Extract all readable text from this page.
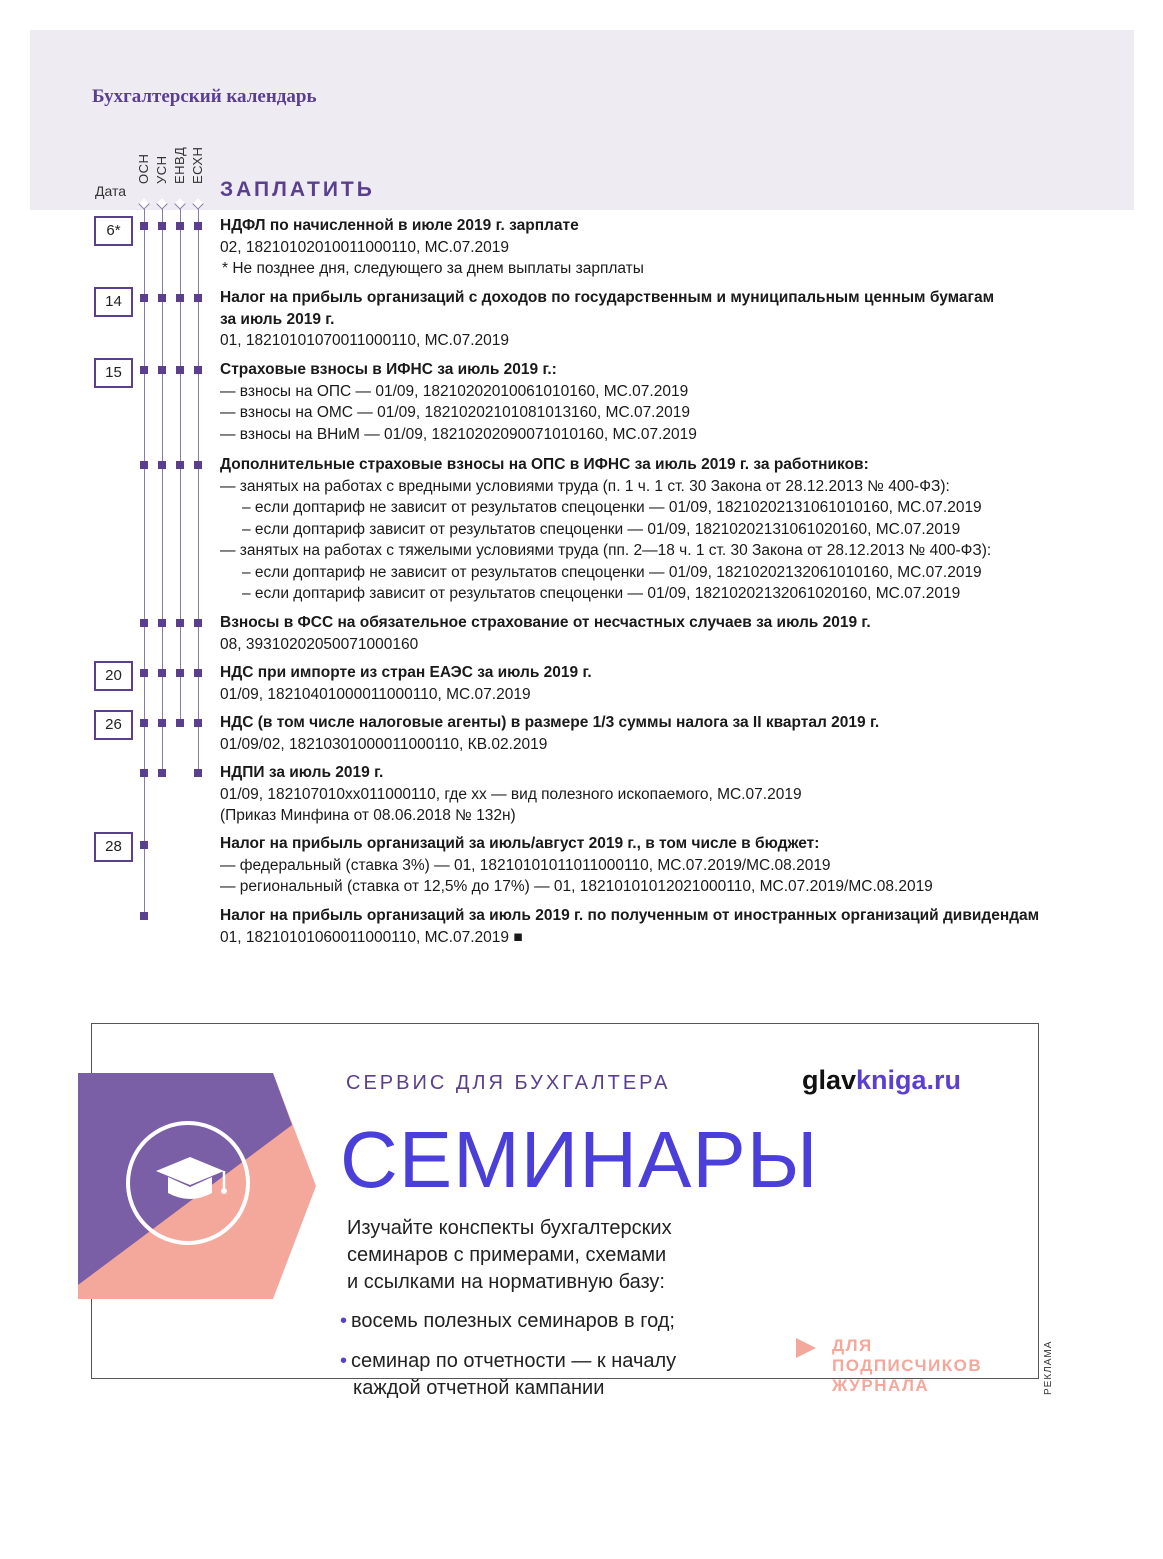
Бухгалтерский календарь
Дата
ОСН УСН ЕНВД ЕСХН
ЗАПЛАТИТЬ
6*
14
15
20
26
28
НДФЛ по начисленной в июле 2019 г. зарплате
02, 18210102010011000110, МС.07.2019
* Не позднее дня, следующего за днем выплаты зарплаты
Налог на прибыль организаций с доходов по государственным и муниципальным ценным бумагам
за июль 2019 г.
01, 18210101070011000110, МС.07.2019
Страховые взносы в ИФНС за июль 2019 г.:
— взносы на ОПС — 01/09, 18210202010061010160, МС.07.2019
— взносы на ОМС — 01/09, 18210202101081013160, МС.07.2019
— взносы на ВНиМ — 01/09, 18210202090071010160, МС.07.2019
Дополнительные страховые взносы на ОПС в ИФНС за июль 2019 г. за работников:
— занятых на работах с вредными условиями труда (п. 1 ч. 1 ст. 30 Закона от 28.12.2013 № 400-ФЗ):
– если доптариф не зависит от результатов спецоценки — 01/09, 18210202131061010160, МС.07.2019
– если доптариф зависит от результатов спецоценки — 01/09, 18210202131061020160, МС.07.2019
— занятых на работах с тяжелыми условиями труда (пп. 2—18 ч. 1 ст. 30 Закона от 28.12.2013 № 400-ФЗ):
– если доптариф не зависит от результатов спецоценки — 01/09, 18210202132061010160, МС.07.2019
– если доптариф зависит от результатов спецоценки — 01/09, 18210202132061020160, МС.07.2019
Взносы в ФСС на обязательное страхование от несчастных случаев за июль 2019 г.
08, 39310202050071000160
НДС при импорте из стран ЕАЭС за июль 2019 г.
01/09, 18210401000011000110, МС.07.2019
НДС (в том числе налоговые агенты) в размере 1/3 суммы налога за II квартал 2019 г.
01/09/02, 18210301000011000110, КВ.02.2019
НДПИ за июль 2019 г.
01/09, 182107010xx011000110, где хх — вид полезного ископаемого, МС.07.2019
(Приказ Минфина от 08.06.2018 № 132н)
Налог на прибыль организаций за июль/август 2019 г., в том числе в бюджет:
— федеральный (ставка 3%) — 01, 18210101011011000110, МС.07.2019/МС.08.2019
— региональный (ставка от 12,5% до 17%) — 01, 18210101012021000110, МС.07.2019/МС.08.2019
Налог на прибыль организаций за июль 2019 г. по полученным от иностранных организаций дивидендам
01, 18210101060011000110, МС.07.2019 ■
СЕРВИС ДЛЯ БУХГАЛТЕРА	glavkniga.ru
СЕМИНАРЫ
Изучайте конспекты бухгалтерских
семинаров с примерами, схемами
и ссылками на нормативную базу:
• восемь полезных семинаров в год;
• семинар по отчетности — к началу
каждой отчетной кампании
ДЛЯ
ПОДПИСЧИКОВ
ЖУРНАЛА	РЕКЛАМА
